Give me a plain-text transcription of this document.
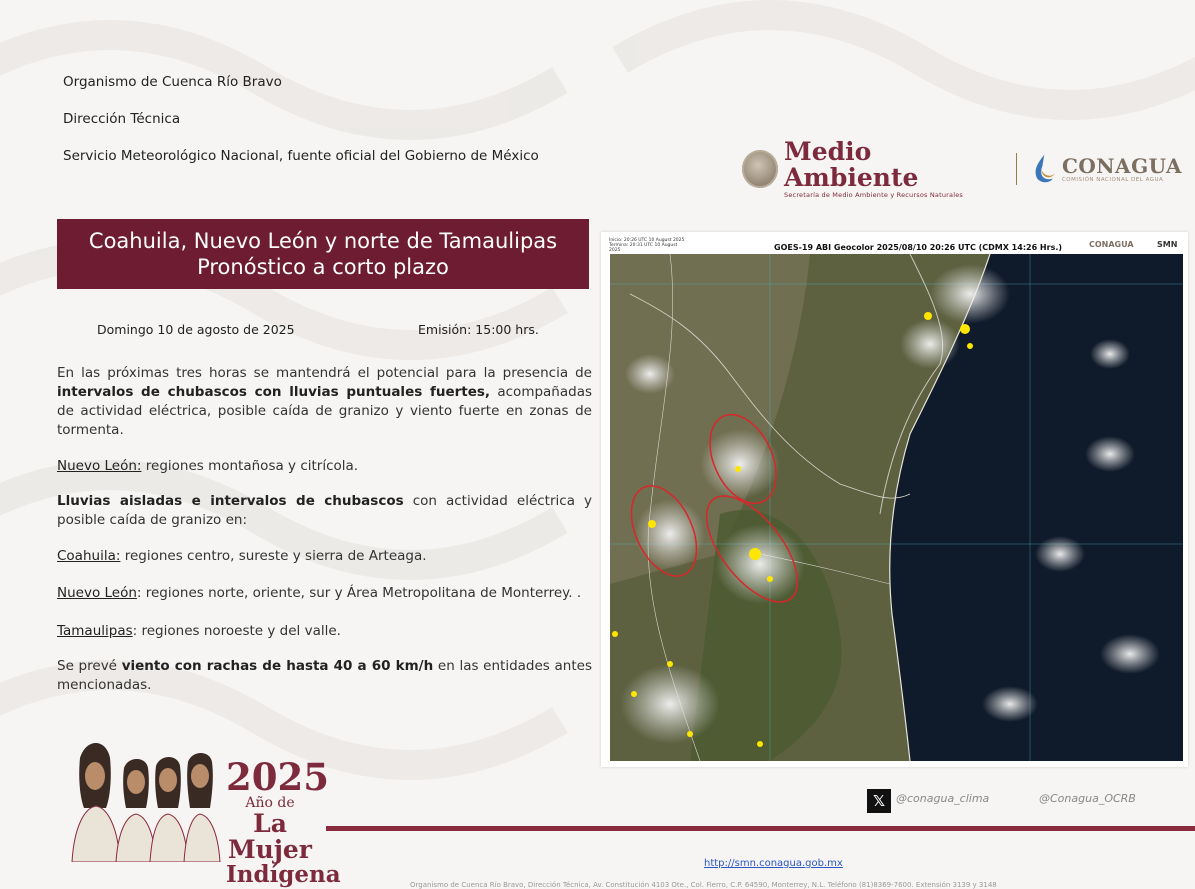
Organismo de Cuenca Río Bravo
Dirección Técnica
Servicio Meteorológico Nacional, fuente oficial del Gobierno de México	Medio Ambiente
Secretaría de Medio Ambiente y Recursos Naturales
CONAGUA
COMISIÓN NACIONAL DEL AGUA
Coahuila, Nuevo León y norte de Tamaulipas
Pronóstico a corto plazo
Domingo 10 de agosto de 2025	Emisión: 15:00 hrs.
En las próximas tres horas se mantendrá el potencial para la presencia de intervalos de chubascos con lluvias puntuales fuertes, acompañadas de actividad eléctrica, posible caída de granizo y viento fuerte en zonas de tormenta.
Nuevo León: regiones montañosa y citrícola.
Lluvias aisladas e intervalos de chubascos con actividad eléctrica y posible caída de granizo en:
Coahuila: regiones centro, sureste y sierra de Arteaga.
Nuevo León: regiones norte, oriente, sur y Área Metropolitana de Monterrey. .
Tamaulipas: regiones noroeste y del valle.
Se prevé viento con rachas de hasta 40 a 60 km/h en las entidades antes mencionadas.
Inicio: 20:26 UTC 10 August 2025
Termina: 20:31 UTC 10 August 2025	GOES-19 ABI Geocolor 2025/08/10 20:26 UTC (CDMX 14:26 Hrs.)	CONAGUA	SMN
2025
Año de
La Mujer
Indígena
𝕏 @conagua_clima	@Conagua_OCRB
http://smn.conagua.gob.mx
Organismo de Cuenca Río Bravo, Dirección Técnica, Av. Constitución 4103 Ote., Col. Fierro, C.P. 64590, Monterrey, N.L. Teléfono (81)8369-7600. Extensión 3139 y 3148
